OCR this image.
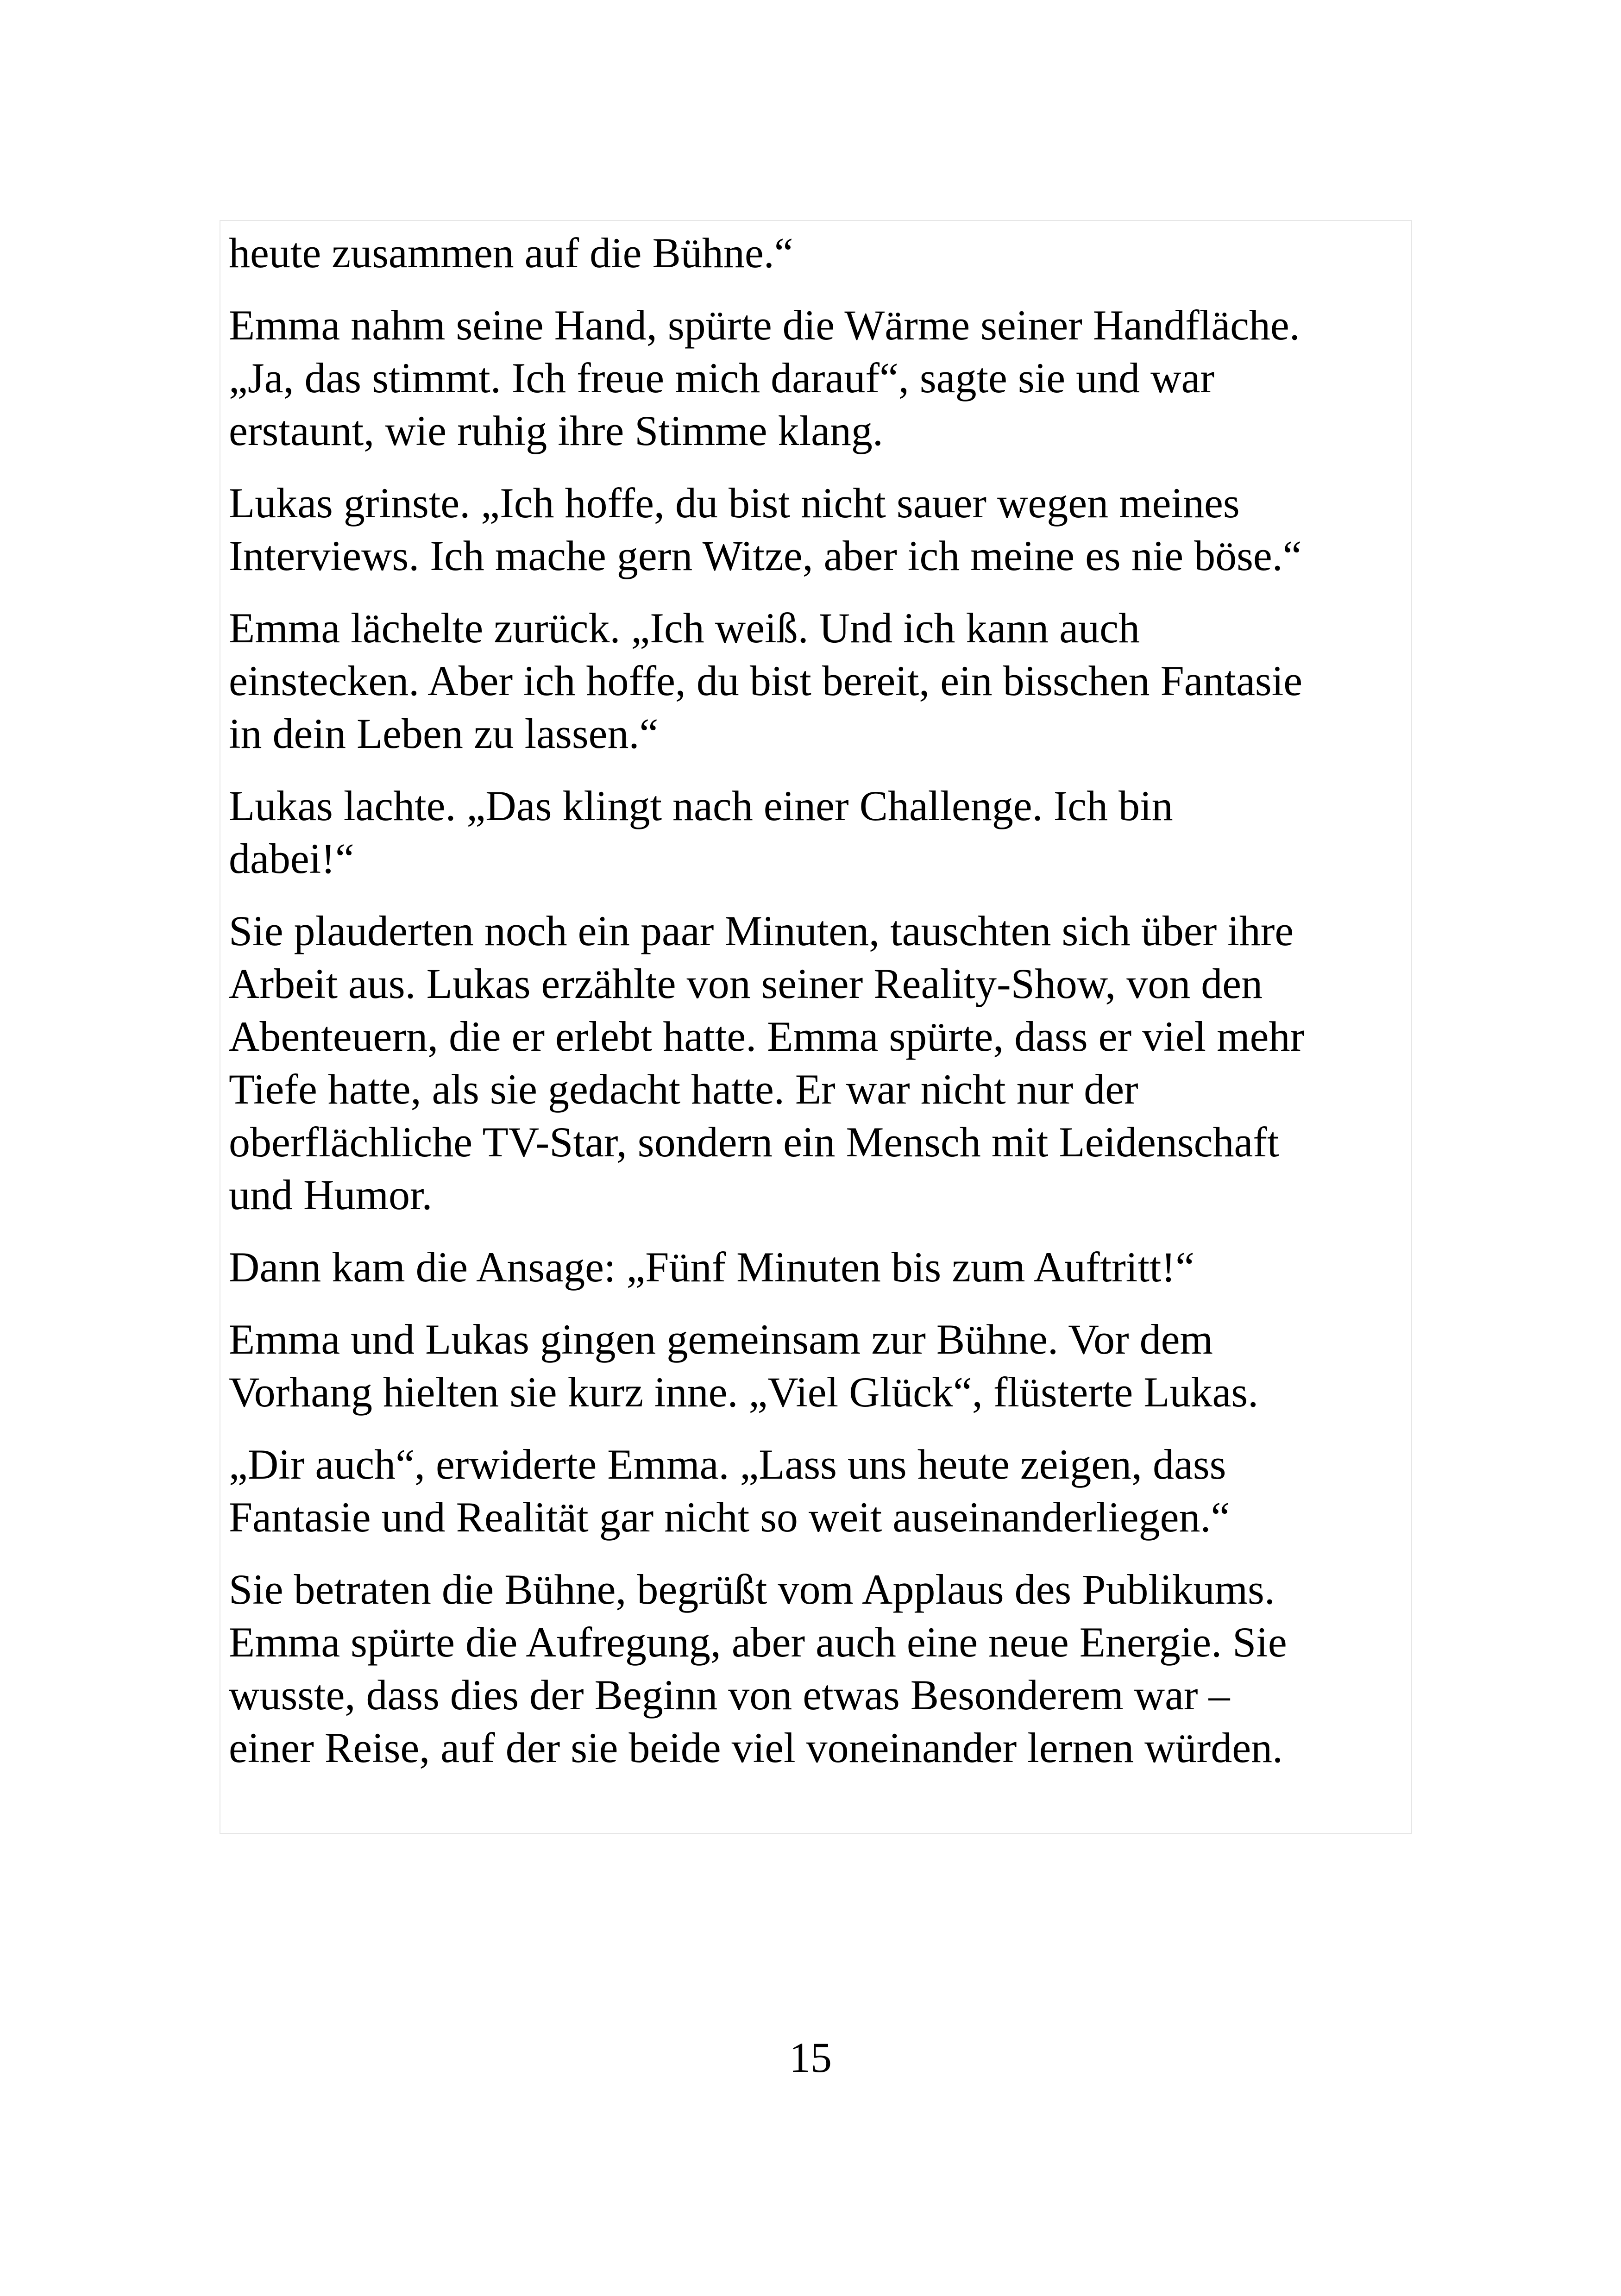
heute zusammen auf die Bühne.“

Emma nahm seine Hand, spürte die Wärme seiner Handfläche.
„Ja, das stimmt. Ich freue mich darauf“, sagte sie und war
erstaunt, wie ruhig ihre Stimme klang.

Lukas grinste. „Ich hoffe, du bist nicht sauer wegen meines
Interviews. Ich mache gern Witze, aber ich meine es nie böse.“

Emma lächelte zurück. „Ich weiß. Und ich kann auch
einstecken. Aber ich hoffe, du bist bereit, ein bisschen Fantasie
in dein Leben zu lassen.“

Lukas lachte. „Das klingt nach einer Challenge. Ich bin
dabei!“

Sie plauderten noch ein paar Minuten, tauschten sich über ihre
Arbeit aus. Lukas erzählte von seiner Reality-Show, von den
Abenteuern, die er erlebt hatte. Emma spürte, dass er viel mehr
Tiefe hatte, als sie gedacht hatte. Er war nicht nur der
oberflächliche TV-Star, sondern ein Mensch mit Leidenschaft
und Humor.

Dann kam die Ansage: „Fünf Minuten bis zum Auftritt!“

Emma und Lukas gingen gemeinsam zur Bühne. Vor dem
Vorhang hielten sie kurz inne. „Viel Glück“, flüsterte Lukas.

„Dir auch“, erwiderte Emma. „Lass uns heute zeigen, dass
Fantasie und Realität gar nicht so weit auseinanderliegen.“

Sie betraten die Bühne, begrüßt vom Applaus des Publikums.
Emma spürte die Aufregung, aber auch eine neue Energie. Sie
wusste, dass dies der Beginn von etwas Besonderem war –
einer Reise, auf der sie beide viel voneinander lernen würden.

15
